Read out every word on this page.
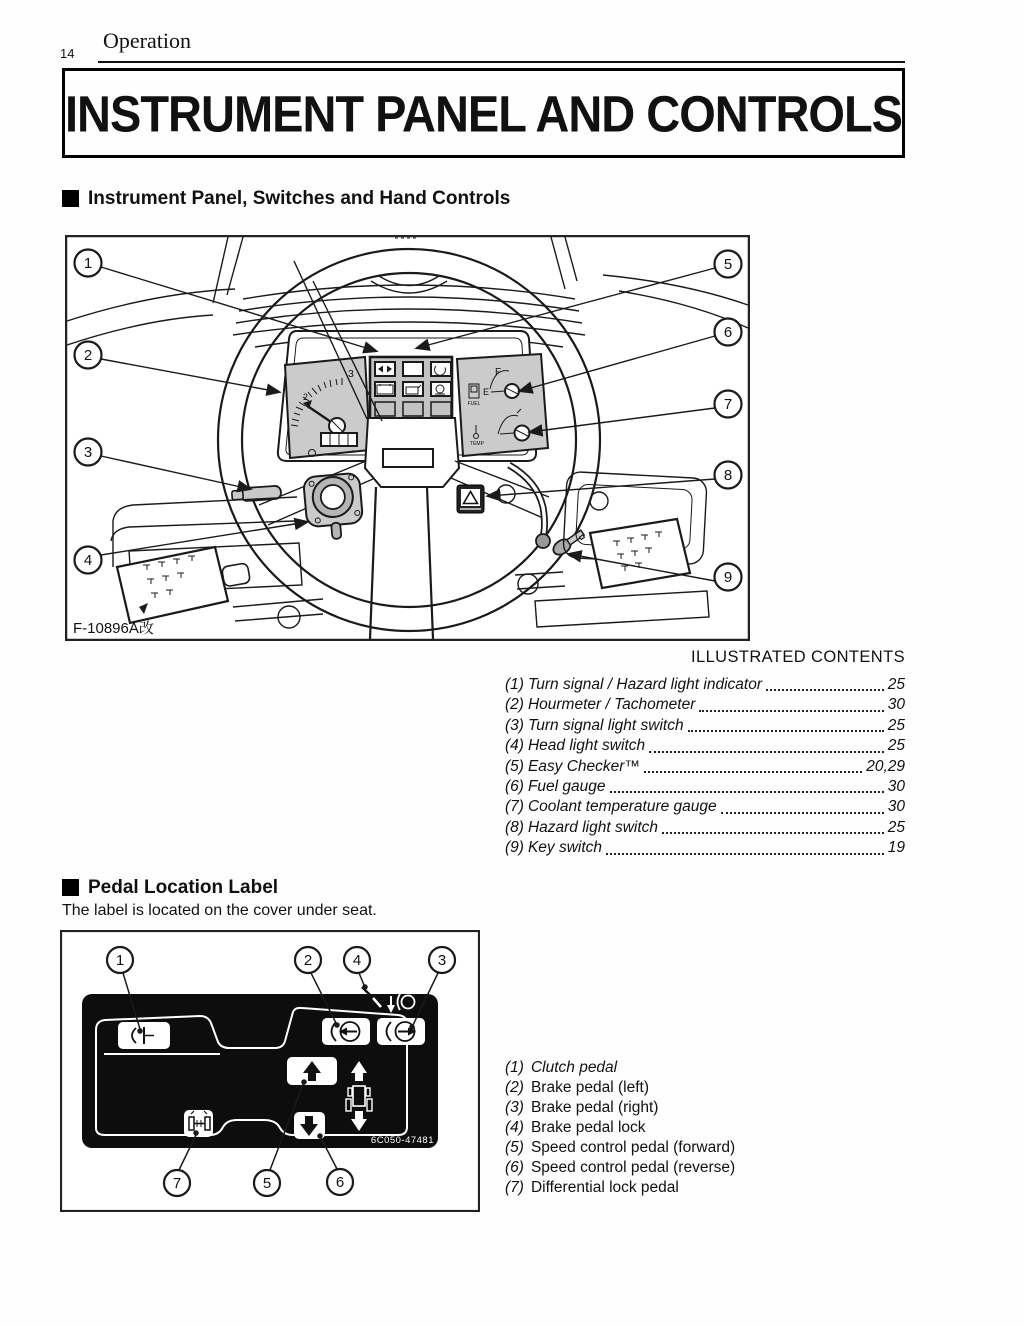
14
Operation
INSTRUMENT PANEL AND CONTROLS
Instrument Panel, Switches and Hand Controls
2
3
FUEL
E
F
TEMP
1
2
3
4
5
6
7
8
9
F-10896A改
ILLUSTRATED CONTENTS
(1) Turn signal / Hazard light indicator	25
(2) Hourmeter / Tachometer	30
(3) Turn signal light switch	25
(4) Head light switch	25
(5) Easy Checker™	20,29
(6) Fuel gauge	30
(7) Coolant temperature gauge	30
(8) Hazard light switch	25
(9) Key switch	19
Pedal Location Label
The label is located on the cover under seat.
6C050-47481
1	2	4	3
7	5	6
(1) Clutch pedal
(2) Brake pedal (left)
(3) Brake pedal (right)
(4) Brake pedal lock
(5) Speed control pedal (forward)
(6) Speed control pedal (reverse)
(7) Differential lock pedal
